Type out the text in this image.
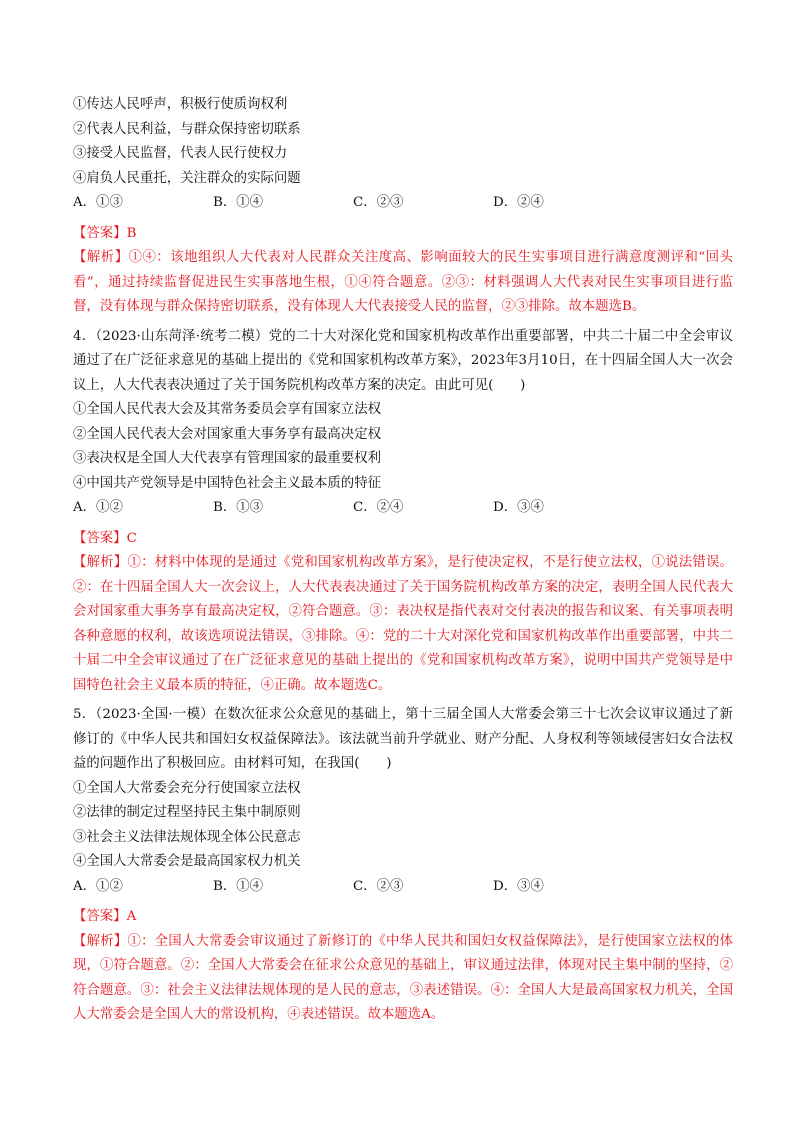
①传达人民呼声，积极行使质询权利
②代表人民利益，与群众保持密切联系
③接受人民监督，代表人民行使权力
④肩负人民重托，关注群众的实际问题
A．①③	B．①④	C．②③	D．②④
【答案】B
【解析】①④：该地组织人大代表对人民群众关注度高、影响面较大的民生实事项目进行满意度测评和“回头看”，通过持续监督促进民生实事落地生根，①④符合题意。②③：材料强调人大代表对民生实事项目进行监督，没有体现与群众保持密切联系，没有体现人大代表接受人民的监督，②③排除。故本题选B。
4．（2023·山东菏泽·统考二模）党的二十大对深化党和国家机构改革作出重要部署，中共二十届二中全会审议通过了在广泛征求意见的基础上提出的《党和国家机构改革方案》，2023年3月10日，在十四届全国人大一次会议上，人大代表表决通过了关于国务院机构改革方案的决定。由此可见(　　)
①全国人民代表大会及其常务委员会享有国家立法权
②全国人民代表大会对国家重大事务享有最高决定权
③表决权是全国人大代表享有管理国家的最重要权利
④中国共产党领导是中国特色社会主义最本质的特征
A．①②	B．①③	C．②④	D．③④
【答案】C
【解析】①：材料中体现的是通过《党和国家机构改革方案》，是行使决定权，不是行使立法权，①说法错误。②：在十四届全国人大一次会议上，人大代表表决通过了关于国务院机构改革方案的决定，表明全国人民代表大会对国家重大事务享有最高决定权，②符合题意。③：表决权是指代表对交付表决的报告和议案、有关事项表明各种意愿的权利，故该选项说法错误，③排除。④：党的二十大对深化党和国家机构改革作出重要部署，中共二十届二中全会审议通过了在广泛征求意见的基础上提出的《党和国家机构改革方案》，说明中国共产党领导是中国特色社会主义最本质的特征，④正确。故本题选C。
5．（2023·全国·一模）在数次征求公众意见的基础上，第十三届全国人大常委会第三十七次会议审议通过了新修订的《中华人民共和国妇女权益保障法》。该法就当前升学就业、财产分配、人身权利等领域侵害妇女合法权益的问题作出了积极回应。由材料可知，在我国(　　)
①全国人大常委会充分行使国家立法权
②法律的制定过程坚持民主集中制原则
③社会主义法律法规体现全体公民意志
④全国人大常委会是最高国家权力机关
A．①②	B．①④	C．②③	D．③④
【答案】A
【解析】①：全国人大常委会审议通过了新修订的《中华人民共和国妇女权益保障法》，是行使国家立法权的体现，①符合题意。②：全国人大常委会在征求公众意见的基础上，审议通过法律，体现对民主集中制的坚持，②符合题意。③：社会主义法律法规体现的是人民的意志，③表述错误。④：全国人大是最高国家权力机关，全国人大常委会是全国人大的常设机构，④表述错误。故本题选A。
